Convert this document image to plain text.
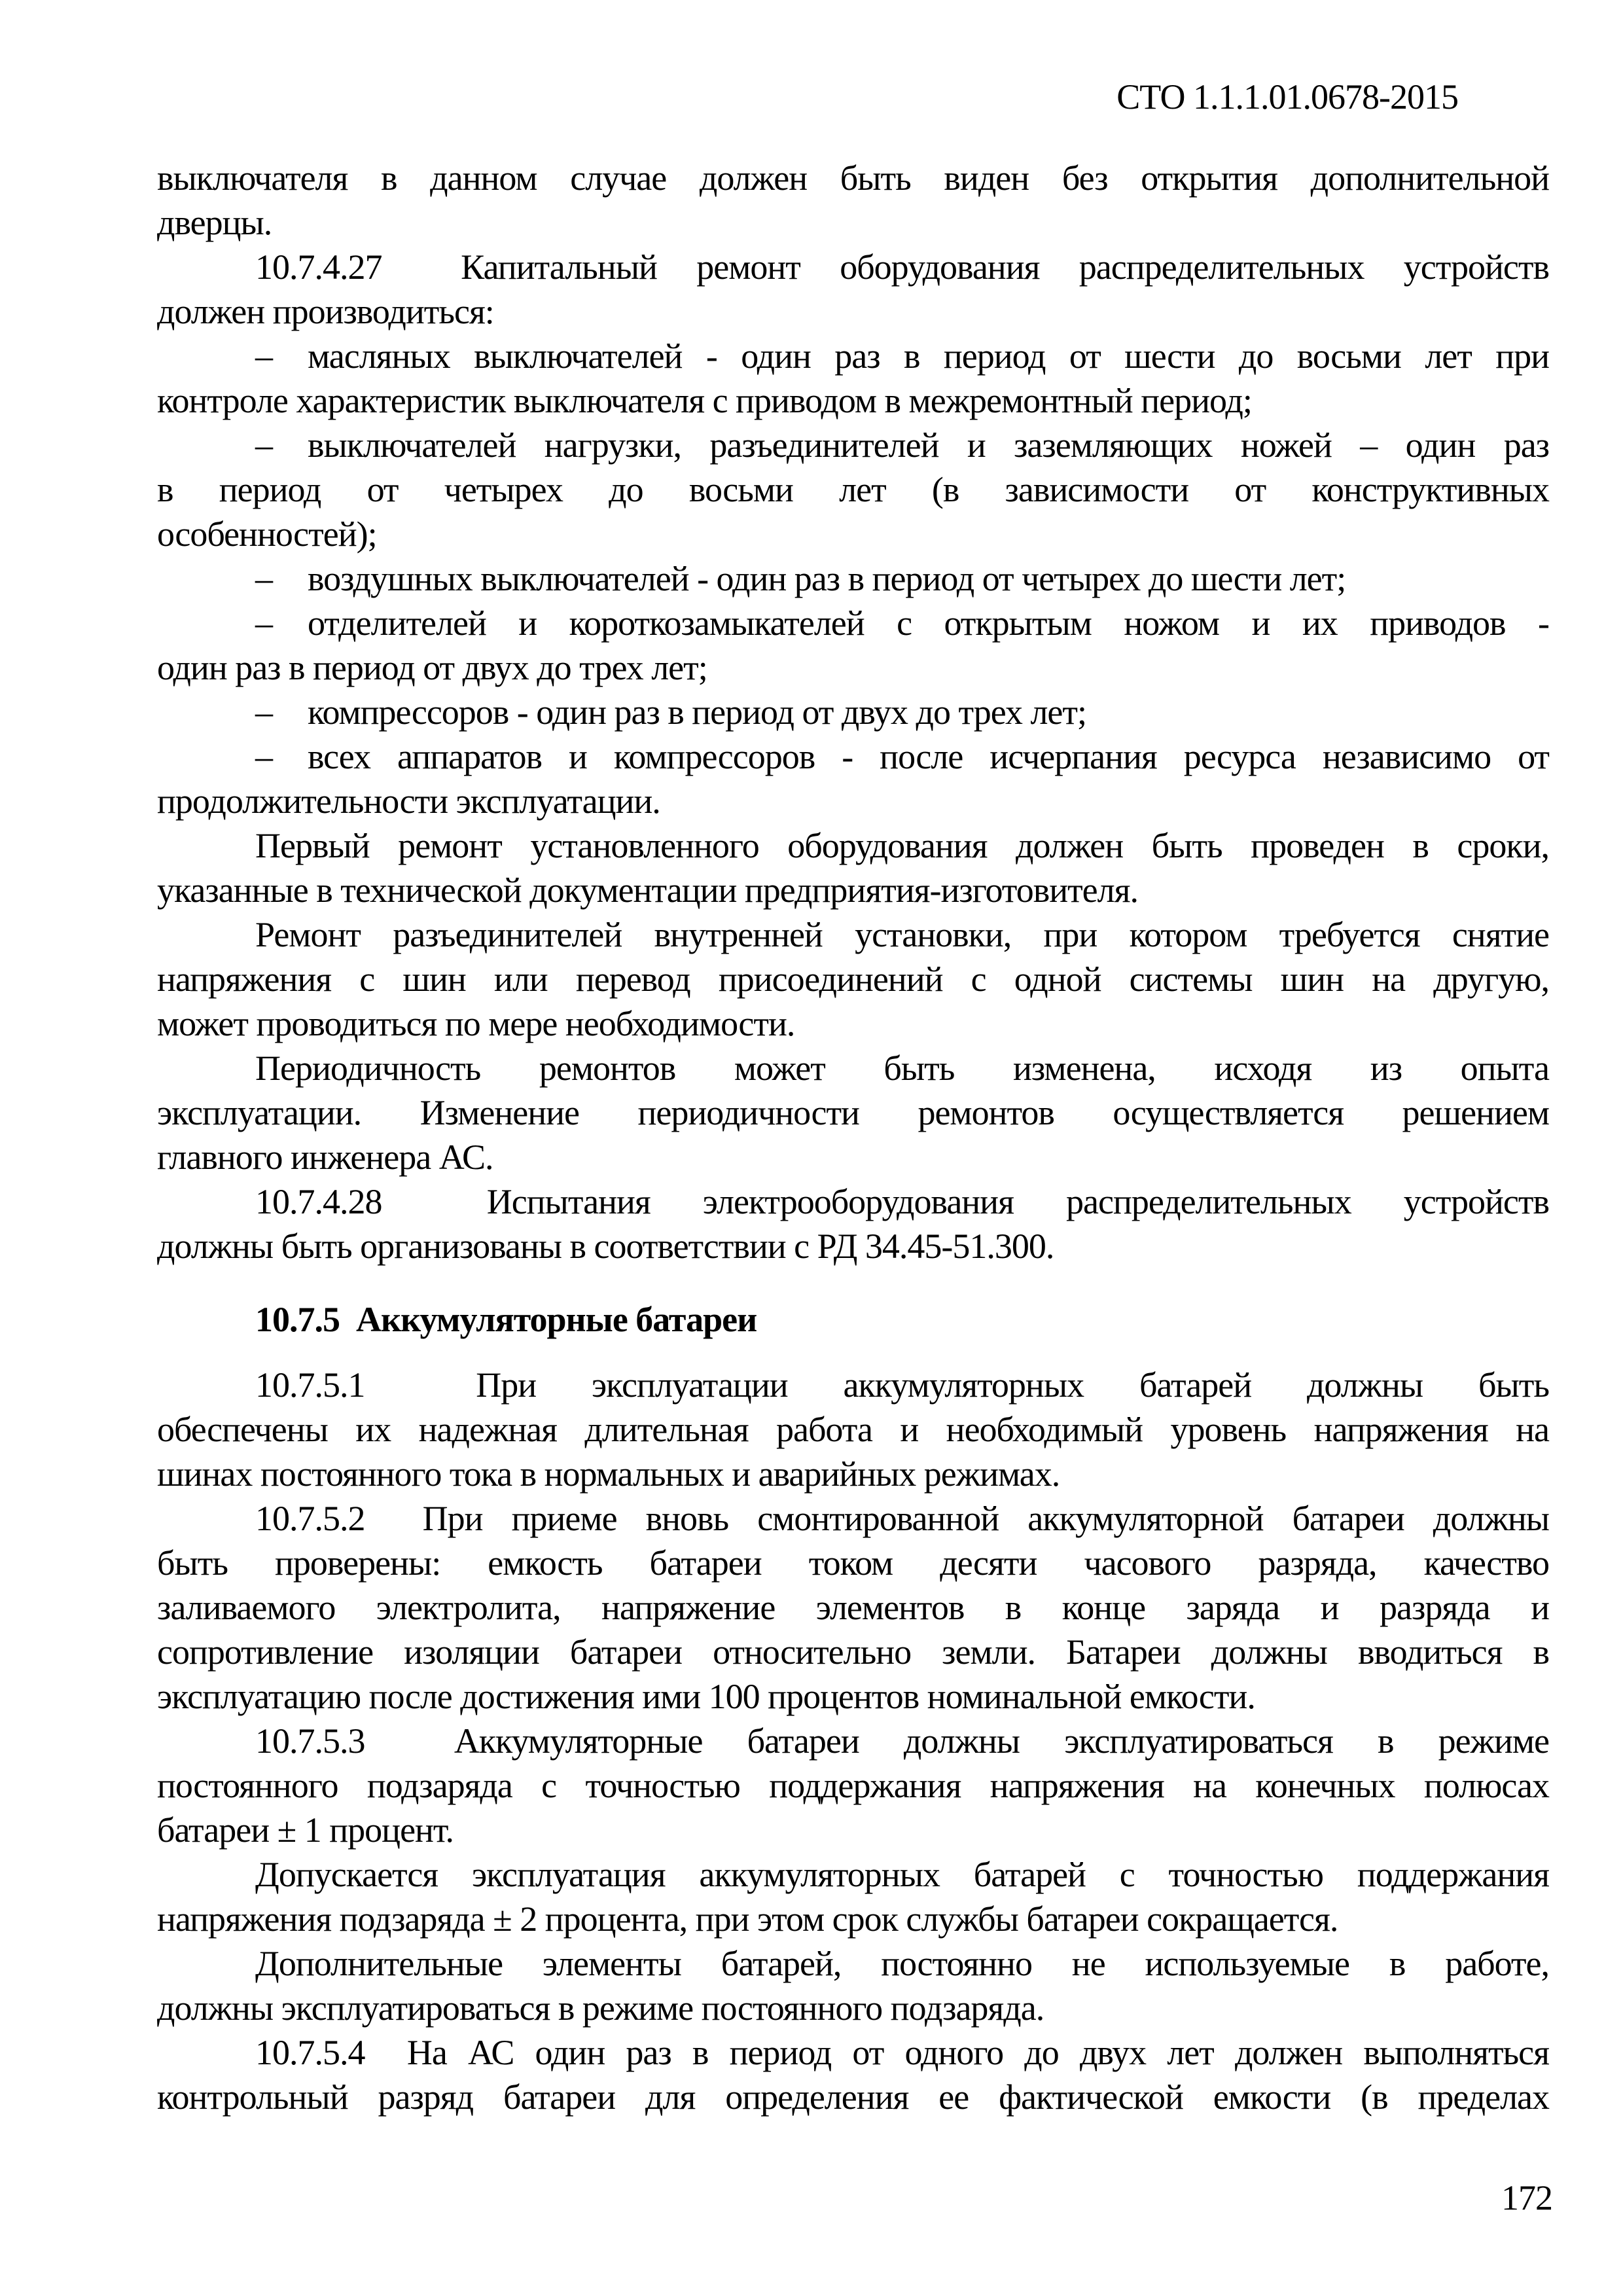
СТО 1.1.1.01.0678-2015
выключателя в данном случае должен быть виден без открытия дополнительной
дверцы.
10.7.4.27  Капитальный ремонт оборудования распределительных устройств
должен производиться:
– масляных выключателей - один раз в период от шести до восьми лет при
контроле характеристик выключателя с приводом в межремонтный период;
– выключателей нагрузки, разъединителей и заземляющих ножей – один раз
в период от четырех до восьми лет (в зависимости от конструктивных
особенностей);
– воздушных выключателей - один раз в период от четырех до шести лет;
– отделителей и короткозамыкателей с открытым ножом и их приводов -
один раз в период от двух до трех лет;
– компрессоров - один раз в период от двух до трех лет;
– всех аппаратов и компрессоров - после исчерпания ресурса независимо от
продолжительности эксплуатации.
Первый ремонт установленного оборудования должен быть проведен в сроки,
указанные в технической документации предприятия-изготовителя.
Ремонт разъединителей внутренней установки, при котором требуется снятие
напряжения с шин или перевод присоединений с одной системы шин на другую,
может проводиться по мере необходимости.
Периодичность ремонтов может быть изменена, исходя из опыта
эксплуатации. Изменение периодичности ремонтов осуществляется решением
главного инженера АС.
10.7.4.28  Испытания электрооборудования распределительных устройств
должны быть организованы в соответствии с РД 34.45-51.300.
10.7.5  Аккумуляторные батареи
10.7.5.1  При эксплуатации аккумуляторных батарей должны быть
обеспечены их надежная длительная работа и необходимый уровень напряжения на
шинах постоянного тока в нормальных и аварийных режимах.
10.7.5.2  При приеме вновь смонтированной аккумуляторной батареи должны
быть проверены: емкость батареи током десяти часового разряда, качество
заливаемого электролита, напряжение элементов в конце заряда и разряда и
сопротивление изоляции батареи относительно земли. Батареи должны вводиться в
эксплуатацию после достижения ими 100 процентов номинальной емкости.
10.7.5.3  Аккумуляторные батареи должны эксплуатироваться в режиме
постоянного подзаряда с точностью поддержания напряжения на конечных полюсах
батареи ± 1 процент.
Допускается эксплуатация аккумуляторных батарей с точностью поддержания
напряжения подзаряда ± 2 процента, при этом срок службы батареи сокращается.
Дополнительные элементы батарей, постоянно не используемые в работе,
должны эксплуатироваться в режиме постоянного подзаряда.
10.7.5.4  На АС один раз в период от одного до двух лет должен выполняться
контрольный разряд батареи для определения ее фактической емкости (в пределах
172
